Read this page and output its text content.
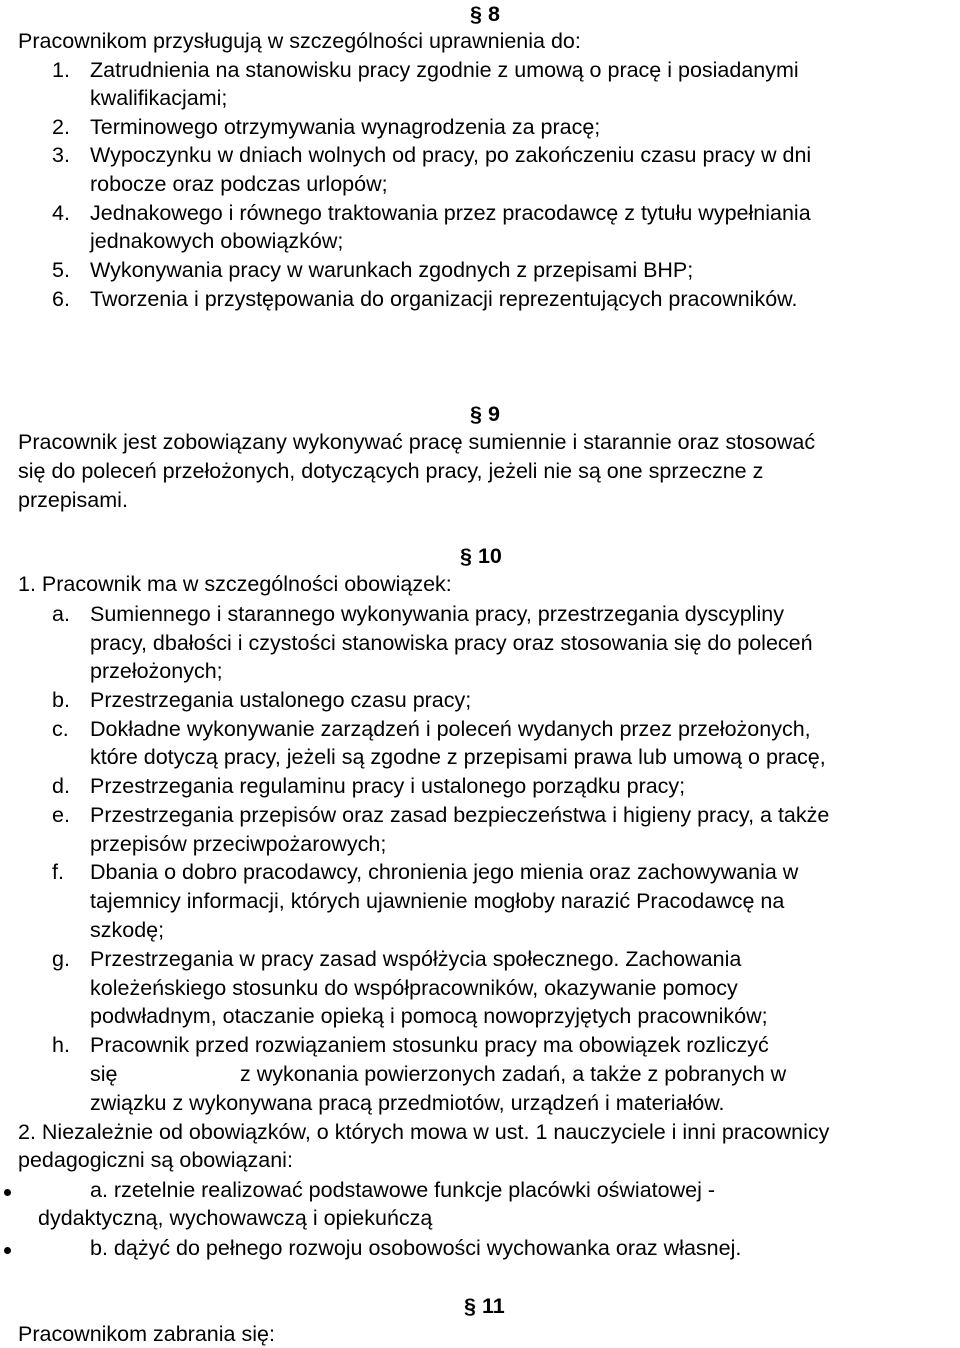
§ 8
Pracownikom przysługują w szczególności uprawnienia do:
1. Zatrudnienia na stanowisku pracy zgodnie z umową o pracę i posiadanymi
kwalifikacjami;
2. Terminowego otrzymywania wynagrodzenia za pracę;
3. Wypoczynku w dniach wolnych od pracy, po zakończeniu czasu pracy w dni
robocze oraz podczas urlopów;
4. Jednakowego i równego traktowania przez pracodawcę z tytułu wypełniania
jednakowych obowiązków;
5. Wykonywania pracy w warunkach zgodnych z przepisami BHP;
6. Tworzenia i przystępowania do organizacji reprezentujących pracowników.
§ 9
Pracownik jest zobowiązany wykonywać pracę sumiennie i starannie oraz stosować
się do poleceń przełożonych, dotyczących pracy, jeżeli nie są one sprzeczne z
przepisami.
§ 10
1. Pracownik ma w szczególności obowiązek:
a. Sumiennego i starannego wykonywania pracy, przestrzegania dyscypliny
pracy, dbałości i czystości stanowiska pracy oraz stosowania się do poleceń
przełożonych;
b. Przestrzegania ustalonego czasu pracy;
c. Dokładne wykonywanie zarządzeń i poleceń wydanych przez przełożonych,
które dotyczą pracy, jeżeli są zgodne z przepisami prawa lub umową o pracę,
d. Przestrzegania regulaminu pracy i ustalonego porządku pracy;
e. Przestrzegania przepisów oraz zasad bezpieczeństwa i higieny pracy, a także
przepisów przeciwpożarowych;
f. Dbania o dobro pracodawcy, chronienia jego mienia oraz zachowywania w
tajemnicy informacji, których ujawnienie mogłoby narazić Pracodawcę na
szkodę;
g. Przestrzegania w pracy zasad współżycia społecznego. Zachowania
koleżeńskiego stosunku do współpracowników, okazywanie pomocy
podwładnym, otaczanie opieką i pomocą nowoprzyjętych pracowników;
h. Pracownik przed rozwiązaniem stosunku pracy ma obowiązek rozliczyć
się	z wykonania powierzonych zadań, a także z pobranych w
związku z wykonywana pracą przedmiotów, urządzeń i materiałów.
2. Niezależnie od obowiązków, o których mowa w ust. 1 nauczyciele i inni pracownicy
pedagogiczni są obowiązani:
a. rzetelnie realizować podstawowe funkcje placówki oświatowej -
dydaktyczną, wychowawczą i opiekuńczą
b. dążyć do pełnego rozwoju osobowości wychowanka oraz własnej.
§ 11
Pracownikom zabrania się:
